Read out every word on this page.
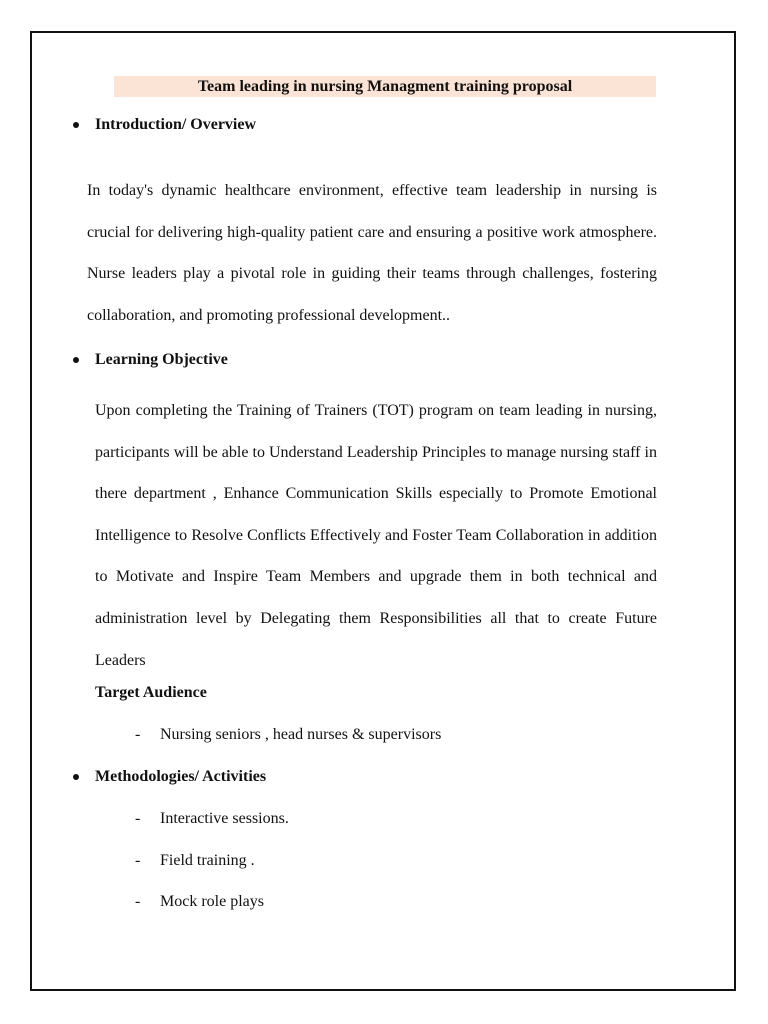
Team leading in nursing Managment training proposal
Introduction/ Overview
In today's dynamic healthcare environment, effective team leadership in nursing is crucial for delivering high-quality patient care and ensuring a positive work atmosphere. Nurse leaders play a pivotal role in guiding their teams through challenges, fostering collaboration, and promoting professional development..
Learning Objective
Upon completing the Training of Trainers (TOT) program on team leading in nursing, participants will be able to Understand Leadership Principles to manage nursing staff in there department , Enhance Communication Skills especially to Promote Emotional Intelligence to Resolve Conflicts Effectively and Foster Team Collaboration in addition to Motivate and Inspire Team Members and upgrade them in both technical and administration level by Delegating them Responsibilities all that to create Future Leaders
Target Audience
- Nursing seniors , head nurses & supervisors
Methodologies/ Activities
- Interactive sessions.
- Field training .
- Mock role plays
